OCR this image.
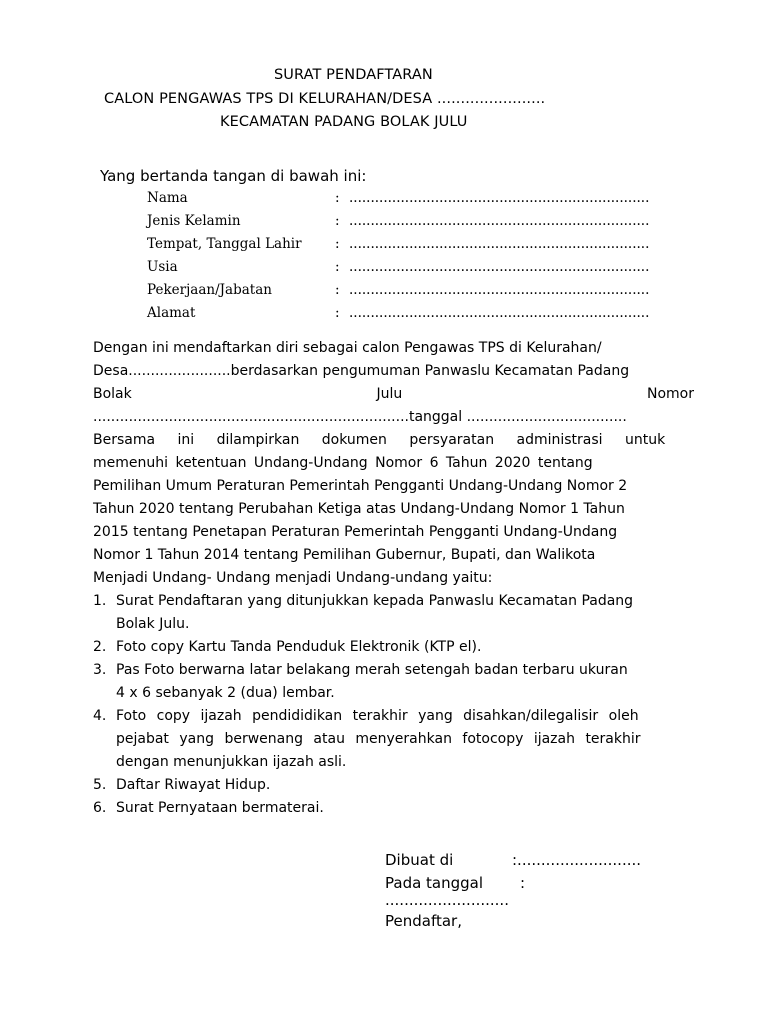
SURAT PENDAFTARAN
CALON PENGAWAS TPS DI KELURAHAN/DESA .......................
KECAMATAN PADANG BOLAK JULU
Yang bertanda tangan di bawah ini:
Nama	: ......................................................................
Jenis Kelamin	: ......................................................................
Tempat, Tanggal Lahir : ......................................................................
Usia	: ......................................................................
Pekerjaan/Jabatan	: ......................................................................
Alamat	: ......................................................................
Dengan ini mendaftarkan diri sebagai calon Pengawas TPS di Kelurahan/
Desa.......................berdasarkan pengumuman Panwaslu Kecamatan Padang
Bolak	Julu	Nomor
.......................................................................tanggal ....................................
Bersama ini dilampirkan dokumen persyaratan administrasi untuk
memenuhi ketentuan Undang-Undang Nomor 6 Tahun 2020 tentang
Pemilihan Umum Peraturan Pemerintah Pengganti Undang-Undang Nomor 2
Tahun 2020 tentang Perubahan Ketiga atas Undang-Undang Nomor 1 Tahun
2015 tentang Penetapan Peraturan Pemerintah Pengganti Undang-Undang
Nomor 1 Tahun 2014 tentang Pemilihan Gubernur, Bupati, dan Walikota
Menjadi Undang- Undang menjadi Undang-undang yaitu:
1. Surat Pendaftaran yang ditunjukkan kepada Panwaslu Kecamatan Padang
Bolak Julu.
2. Foto copy Kartu Tanda Penduduk Elektronik (KTP el).
3. Pas Foto berwarna latar belakang merah setengah badan terbaru ukuran
4 x 6 sebanyak 2 (dua) lembar.
4. Foto copy ijazah pendididikan terakhir yang disahkan/dilegalisir oleh
pejabat yang berwenang atau menyerahkan fotocopy ijazah terakhir
dengan menunjukkan ijazah asli.
5. Daftar Riwayat Hidup.
6. Surat Pernyataan bermaterai.
Dibuat di	:..........................
Pada tanggal :
..........................
Pendaftar,
